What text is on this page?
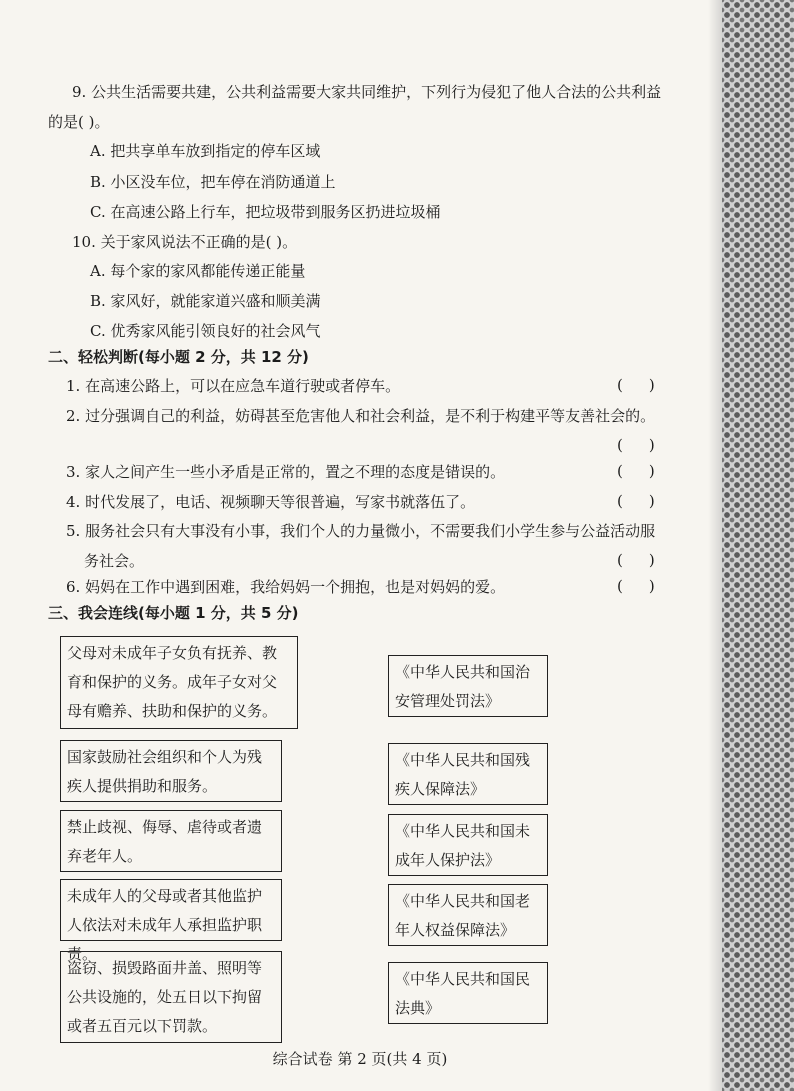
9. 公共生活需要共建，公共利益需要大家共同维护，下列行为侵犯了他人合法的公共利益
的是( )。
A. 把共享单车放到指定的停车区域
B. 小区没车位，把车停在消防通道上
C. 在高速公路上行车，把垃圾带到服务区扔进垃圾桶
10. 关于家风说法不正确的是( )。
A. 每个家的家风都能传递正能量
B. 家风好，就能家道兴盛和顺美满
C. 优秀家风能引领良好的社会风气
二、轻松判断(每小题 2 分，共 12 分)
1. 在高速公路上，可以在应急车道行驶或者停车。	()
2. 过分强调自己的利益，妨碍甚至危害他人和社会利益，是不利于构建平等友善社会的。
()
3. 家人之间产生一些小矛盾是正常的，置之不理的态度是错误的。	()
4. 时代发展了，电话、视频聊天等很普遍，写家书就落伍了。	()
5. 服务社会只有大事没有小事，我们个人的力量微小，不需要我们小学生参与公益活动服
务社会。	()
6. 妈妈在工作中遇到困难，我给妈妈一个拥抱，也是对妈妈的爱。	()
三、我会连线(每小题 1 分，共 5 分)
父母对未成年子女负有抚养、教育和保护的义务。成年子女对父母有赡养、扶助和保护的义务。
国家鼓励社会组织和个人为残疾人提供捐助和服务。
禁止歧视、侮辱、虐待或者遗弃老年人。
未成年人的父母或者其他监护人依法对未成年人承担监护职责。
盗窃、损毁路面井盖、照明等公共设施的，处五日以下拘留或者五百元以下罚款。
《中华人民共和国治安管理处罚法》
《中华人民共和国残疾人保障法》
《中华人民共和国未成年人保护法》
《中华人民共和国老年人权益保障法》
《中华人民共和国民法典》
综合试卷 第 2 页(共 4 页)
